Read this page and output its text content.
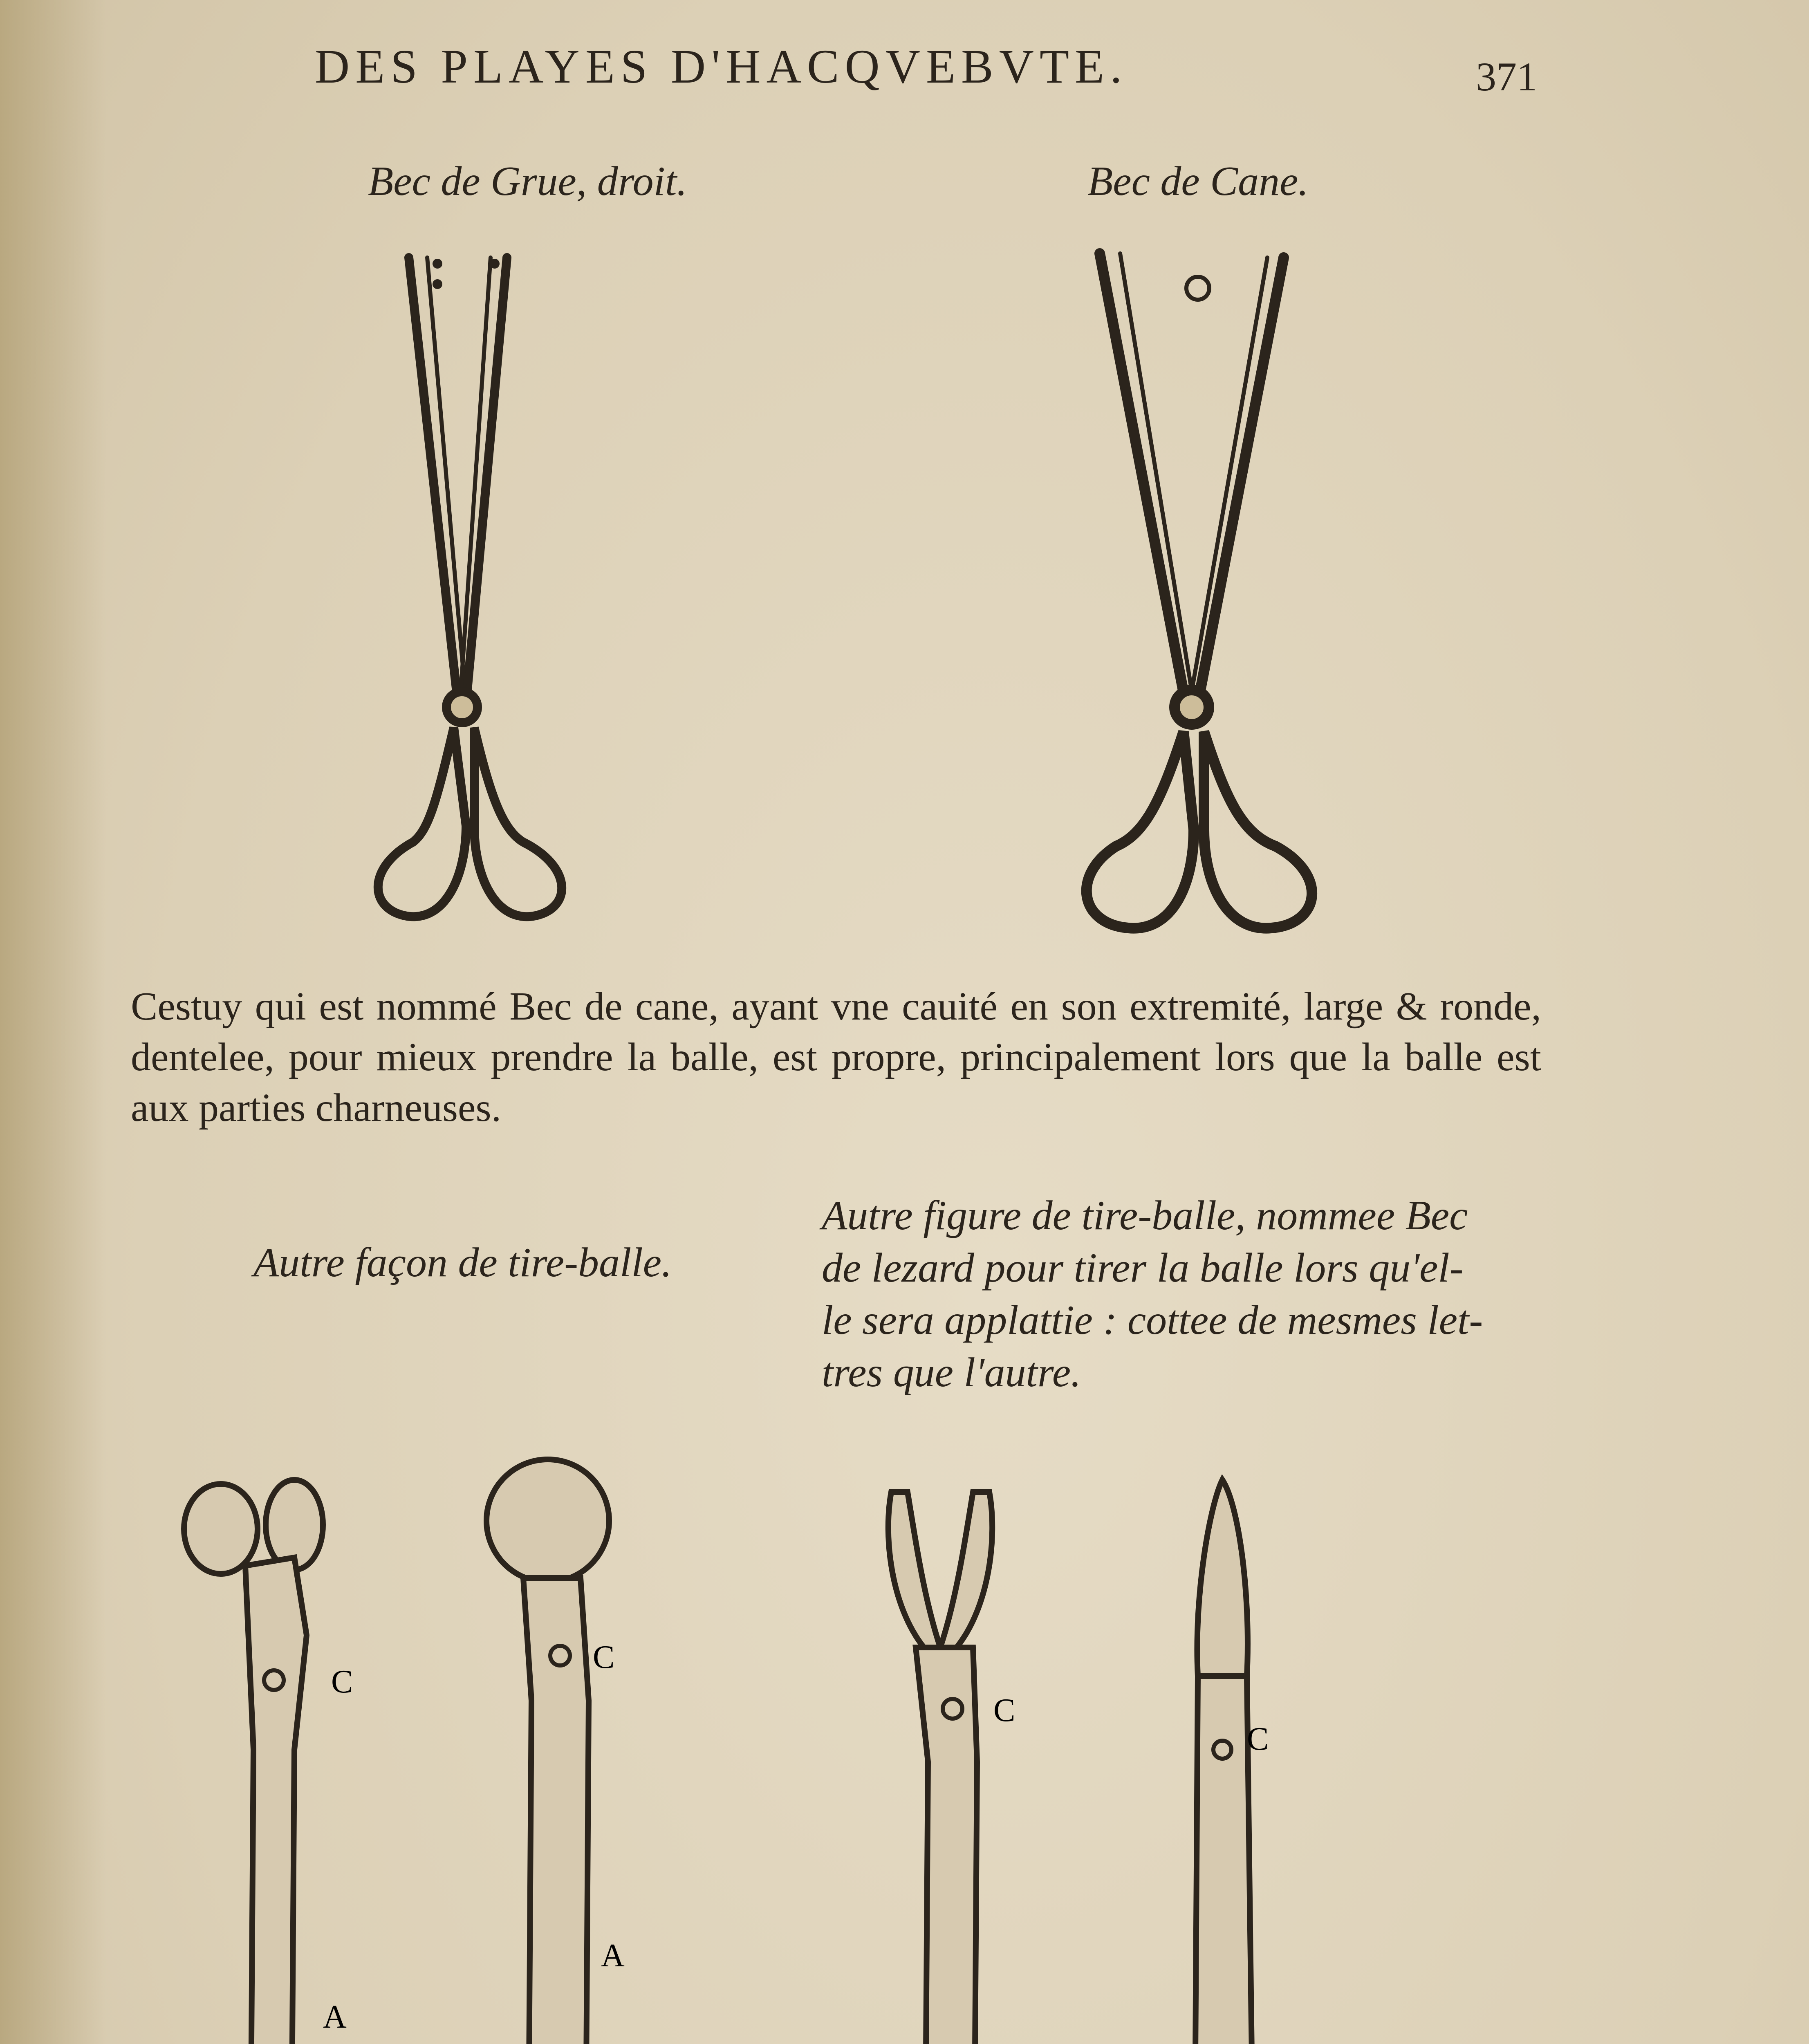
DES PLAYES D'HACQVEBVTE.	371
Bec de Grue, droit.	Bec de Cane.
Cestuy qui est nommé Bec de cane, ayant vne cauité en son extremité, large & ronde, dentelee, pour mieux prendre la balle, est propre, principalement lors que la balle est aux parties charneuses.
Autre façon de tire-balle.
Autre figure de tire-balle, nommee Bec
de lezard pour tirer la balle lors qu'el-
le sera applattie : cottee de mesmes let-
tres que l'autre.
C
A
C
A
C
C
